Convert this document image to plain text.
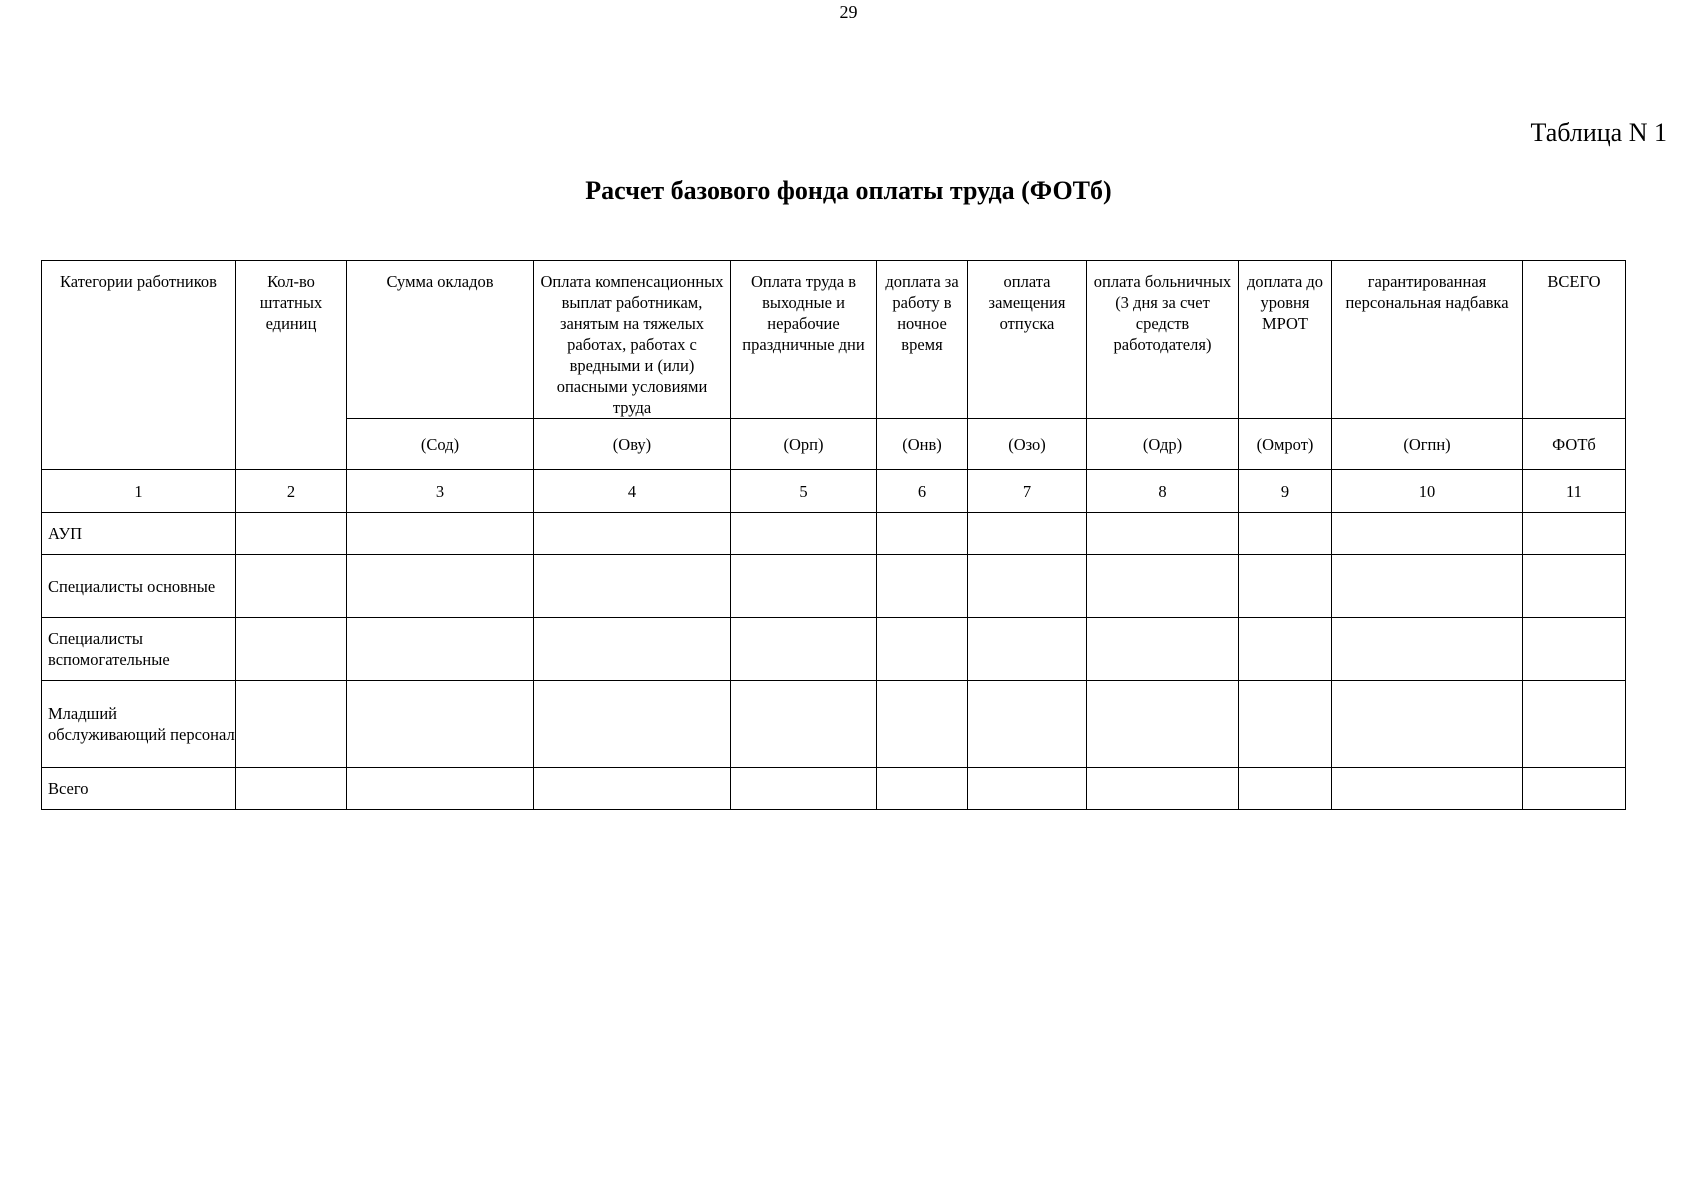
29
Таблица N 1
Расчет базового фонда оплаты труда (ФОТб)
Категории работников	Кол-во штатных единиц	Сумма окладов	Оплата компенсационных выплат работникам, занятым на тяжелых работах, работах с вредными и (или) опасными условиями труда	Оплата труда в выходные и нерабочие праздничные дни	доплата за работу в ночное время	оплата замещения отпуска	оплата больничных (3 дня за счет средств работодателя)	доплата до уровня МРОТ	гарантированная персональная надбавка	ВСЕГО

		(Сод)	(Ову)	(Орп)	(Онв)	(Озо)	(Одр)	(Омрот)	(Огпн)	ФОТб
1	2	3	4	5	6	7	8	9	10	11
АУП										
Специалисты основные										
Специалисты вспомогательные										
Младший обслуживающий персонал										
Всего										
